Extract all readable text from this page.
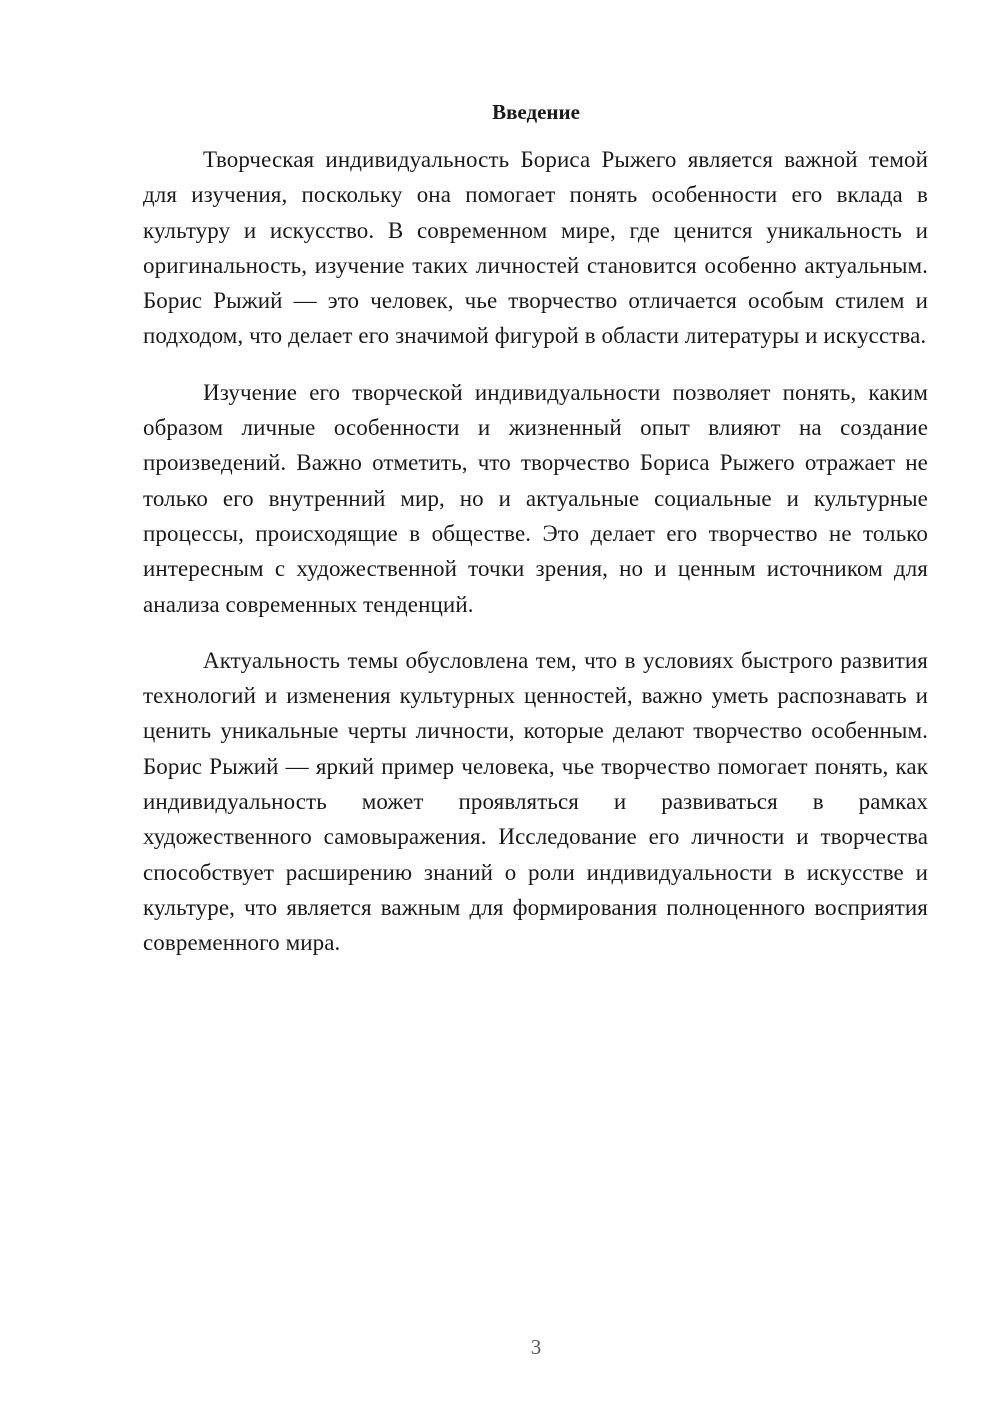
Введение

Творческая индивидуальность Бориса Рыжего является важной темой для изучения, поскольку она помогает понять особенности его вклада в культуру и искусство. В современном мире, где ценится уникальность и оригинальность, изучение таких личностей становится особенно актуальным. Борис Рыжий — это человек, чье творчество отличается особым стилем и подходом, что делает его значимой фигурой в области литературы и искусства.

Изучение его творческой индивидуальности позволяет понять, каким образом личные особенности и жизненный опыт влияют на создание произведений. Важно отметить, что творчество Бориса Рыжего отражает не только его внутренний мир, но и актуальные социальные и культурные процессы, происходящие в обществе. Это делает его творчество не только интересным с художественной точки зрения, но и ценным источником для анализа современных тенденций.

Актуальность темы обусловлена тем, что в условиях быстрого развития технологий и изменения культурных ценностей, важно уметь распознавать и ценить уникальные черты личности, которые делают творчество особенным. Борис Рыжий — яркий пример человека, чье творчество помогает понять, как индивидуальность может проявляться и развиваться в рамках художественного самовыражения. Исследование его личности и творчества способствует расширению знаний о роли индивидуальности в искусстве и культуре, что является важным для формирования полноценного восприятия современного мира.

3
